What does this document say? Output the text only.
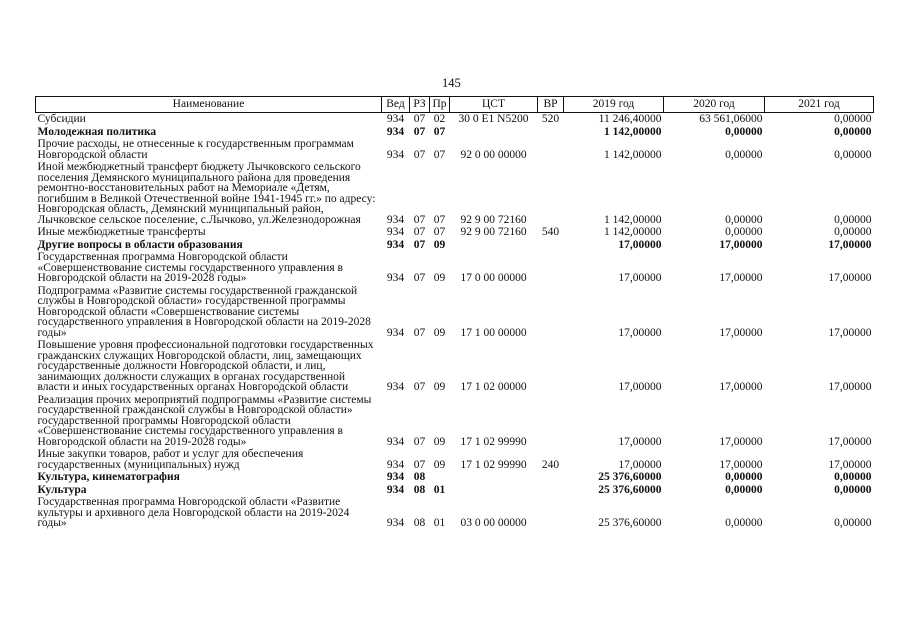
145
Наименование	Вед	РЗ	Пр	ЦСТ	ВР	2019 год	2020 год	2021 год
Субсидии	934	07	02	30 0 E1 N5200	520	11 246,40000	63 561,06000	0,00000
Молодежная политика	934	07	07			1 142,00000	0,00000	0,00000
Прочие расходы, не отнесенные к государственным программам Новгородской области	934	07	07	92 0 00 00000		1 142,00000	0,00000	0,00000
Иной межбюджетный трансферт бюджету Лычковского сельского поселения Демянского муниципального района для проведения ремонтно-восстановительных работ на Мемориале «Детям, погибшим в Великой Отечественной войне 1941-1945 гг.» по адресу: Новгородская область, Демянский муниципальный район, Лычковское сельское поселение, с.Лычково, ул.Железнодорожная	934	07	07	92 9 00 72160		1 142,00000	0,00000	0,00000
Иные межбюджетные трансферты	934	07	07	92 9 00 72160	540	1 142,00000	0,00000	0,00000
Другие вопросы в области образования	934	07	09			17,00000	17,00000	17,00000
Государственная программа Новгородской области «Совершенствование системы государственного управления в Новгородской области на 2019-2028 годы»	934	07	09	17 0 00 00000		17,00000	17,00000	17,00000
Подпрограмма «Развитие системы государственной гражданской службы в Новгородской области» государственной программы Новгородской области «Совершенствование системы государственного управления в Новгородской области на 2019-2028 годы»	934	07	09	17 1 00 00000		17,00000	17,00000	17,00000
Повышение уровня профессиональной подготовки государственных гражданских служащих Новгородской области, лиц, замещающих государственные должности Новгородской области, и лиц, занимающих должности служащих в органах государственной власти и иных государственных органах Новгородской области	934	07	09	17 1 02 00000		17,00000	17,00000	17,00000
Реализация прочих мероприятий подпрограммы «Развитие системы государственной гражданской службы в Новгородской области» государственной программы Новгородской области «Совершенствование системы государственного управления в Новгородской области на 2019-2028 годы»	934	07	09	17 1 02 99990		17,00000	17,00000	17,00000
Иные закупки товаров, работ и услуг для обеспечения государственных (муниципальных) нужд	934	07	09	17 1 02 99990	240	17,00000	17,00000	17,00000
Культура, кинематография	934	08				25 376,60000	0,00000	0,00000
Культура	934	08	01			25 376,60000	0,00000	0,00000
Государственная программа Новгородской области «Развитие культуры и архивного дела Новгородской области на 2019-2024 годы»	934	08	01	03 0 00 00000		25 376,60000	0,00000	0,00000
